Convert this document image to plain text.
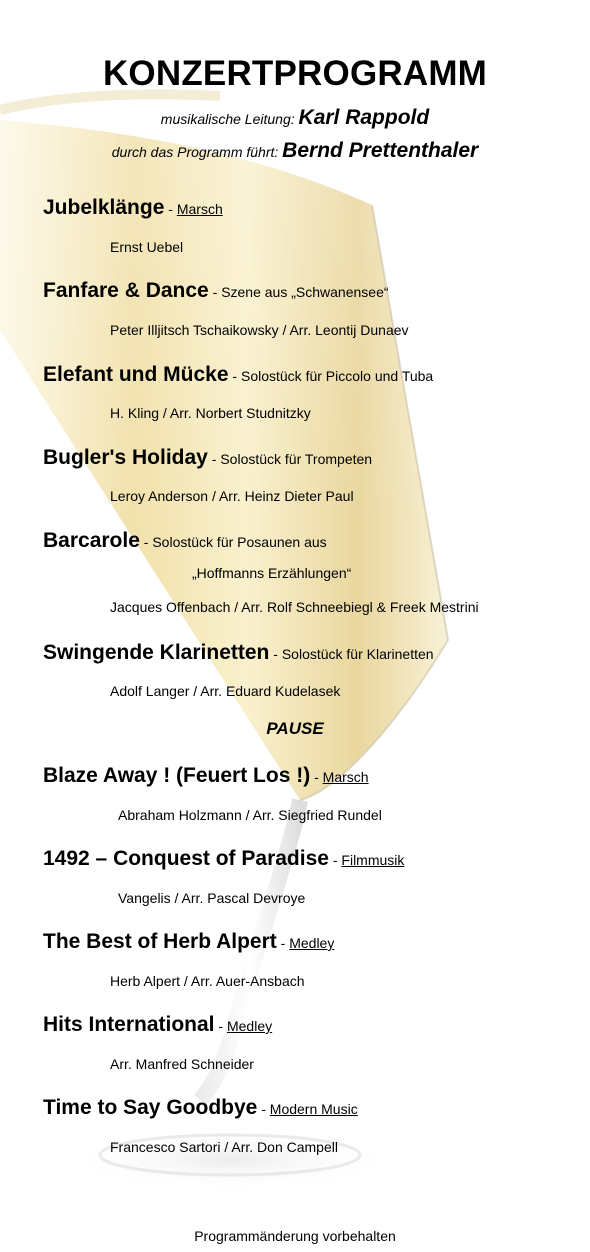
KONZERTPROGRAMM
musikalische Leitung: Karl Rappold
durch das Programm führt: Bernd Prettenthaler
Jubelklänge - Marsch
Ernst Uebel
Fanfare & Dance - Szene aus „Schwanensee“
Peter Illjitsch Tschaikowsky / Arr. Leontij Dunaev
Elefant und Mücke - Solostück für Piccolo und Tuba
H. Kling / Arr. Norbert Studnitzky
Bugler's Holiday - Solostück für Trompeten
Leroy Anderson / Arr. Heinz Dieter Paul
Barcarole - Solostück für Posaunen aus
„Hoffmanns Erzählungen“
Jacques Offenbach / Arr. Rolf Schneebiegl & Freek Mestrini
Swingende Klarinetten - Solostück für Klarinetten
Adolf Langer / Arr. Eduard Kudelasek
PAUSE
Blaze Away ! (Feuert Los !) - Marsch
Abraham Holzmann / Arr. Siegfried Rundel
1492 – Conquest of Paradise - Filmmusik
Vangelis / Arr. Pascal Devroye
The Best of Herb Alpert - Medley
Herb Alpert / Arr. Auer-Ansbach
Hits International - Medley
Arr. Manfred Schneider
Time to Say Goodbye - Modern Music
Francesco Sartori / Arr. Don Campell
Programmänderung vorbehalten
